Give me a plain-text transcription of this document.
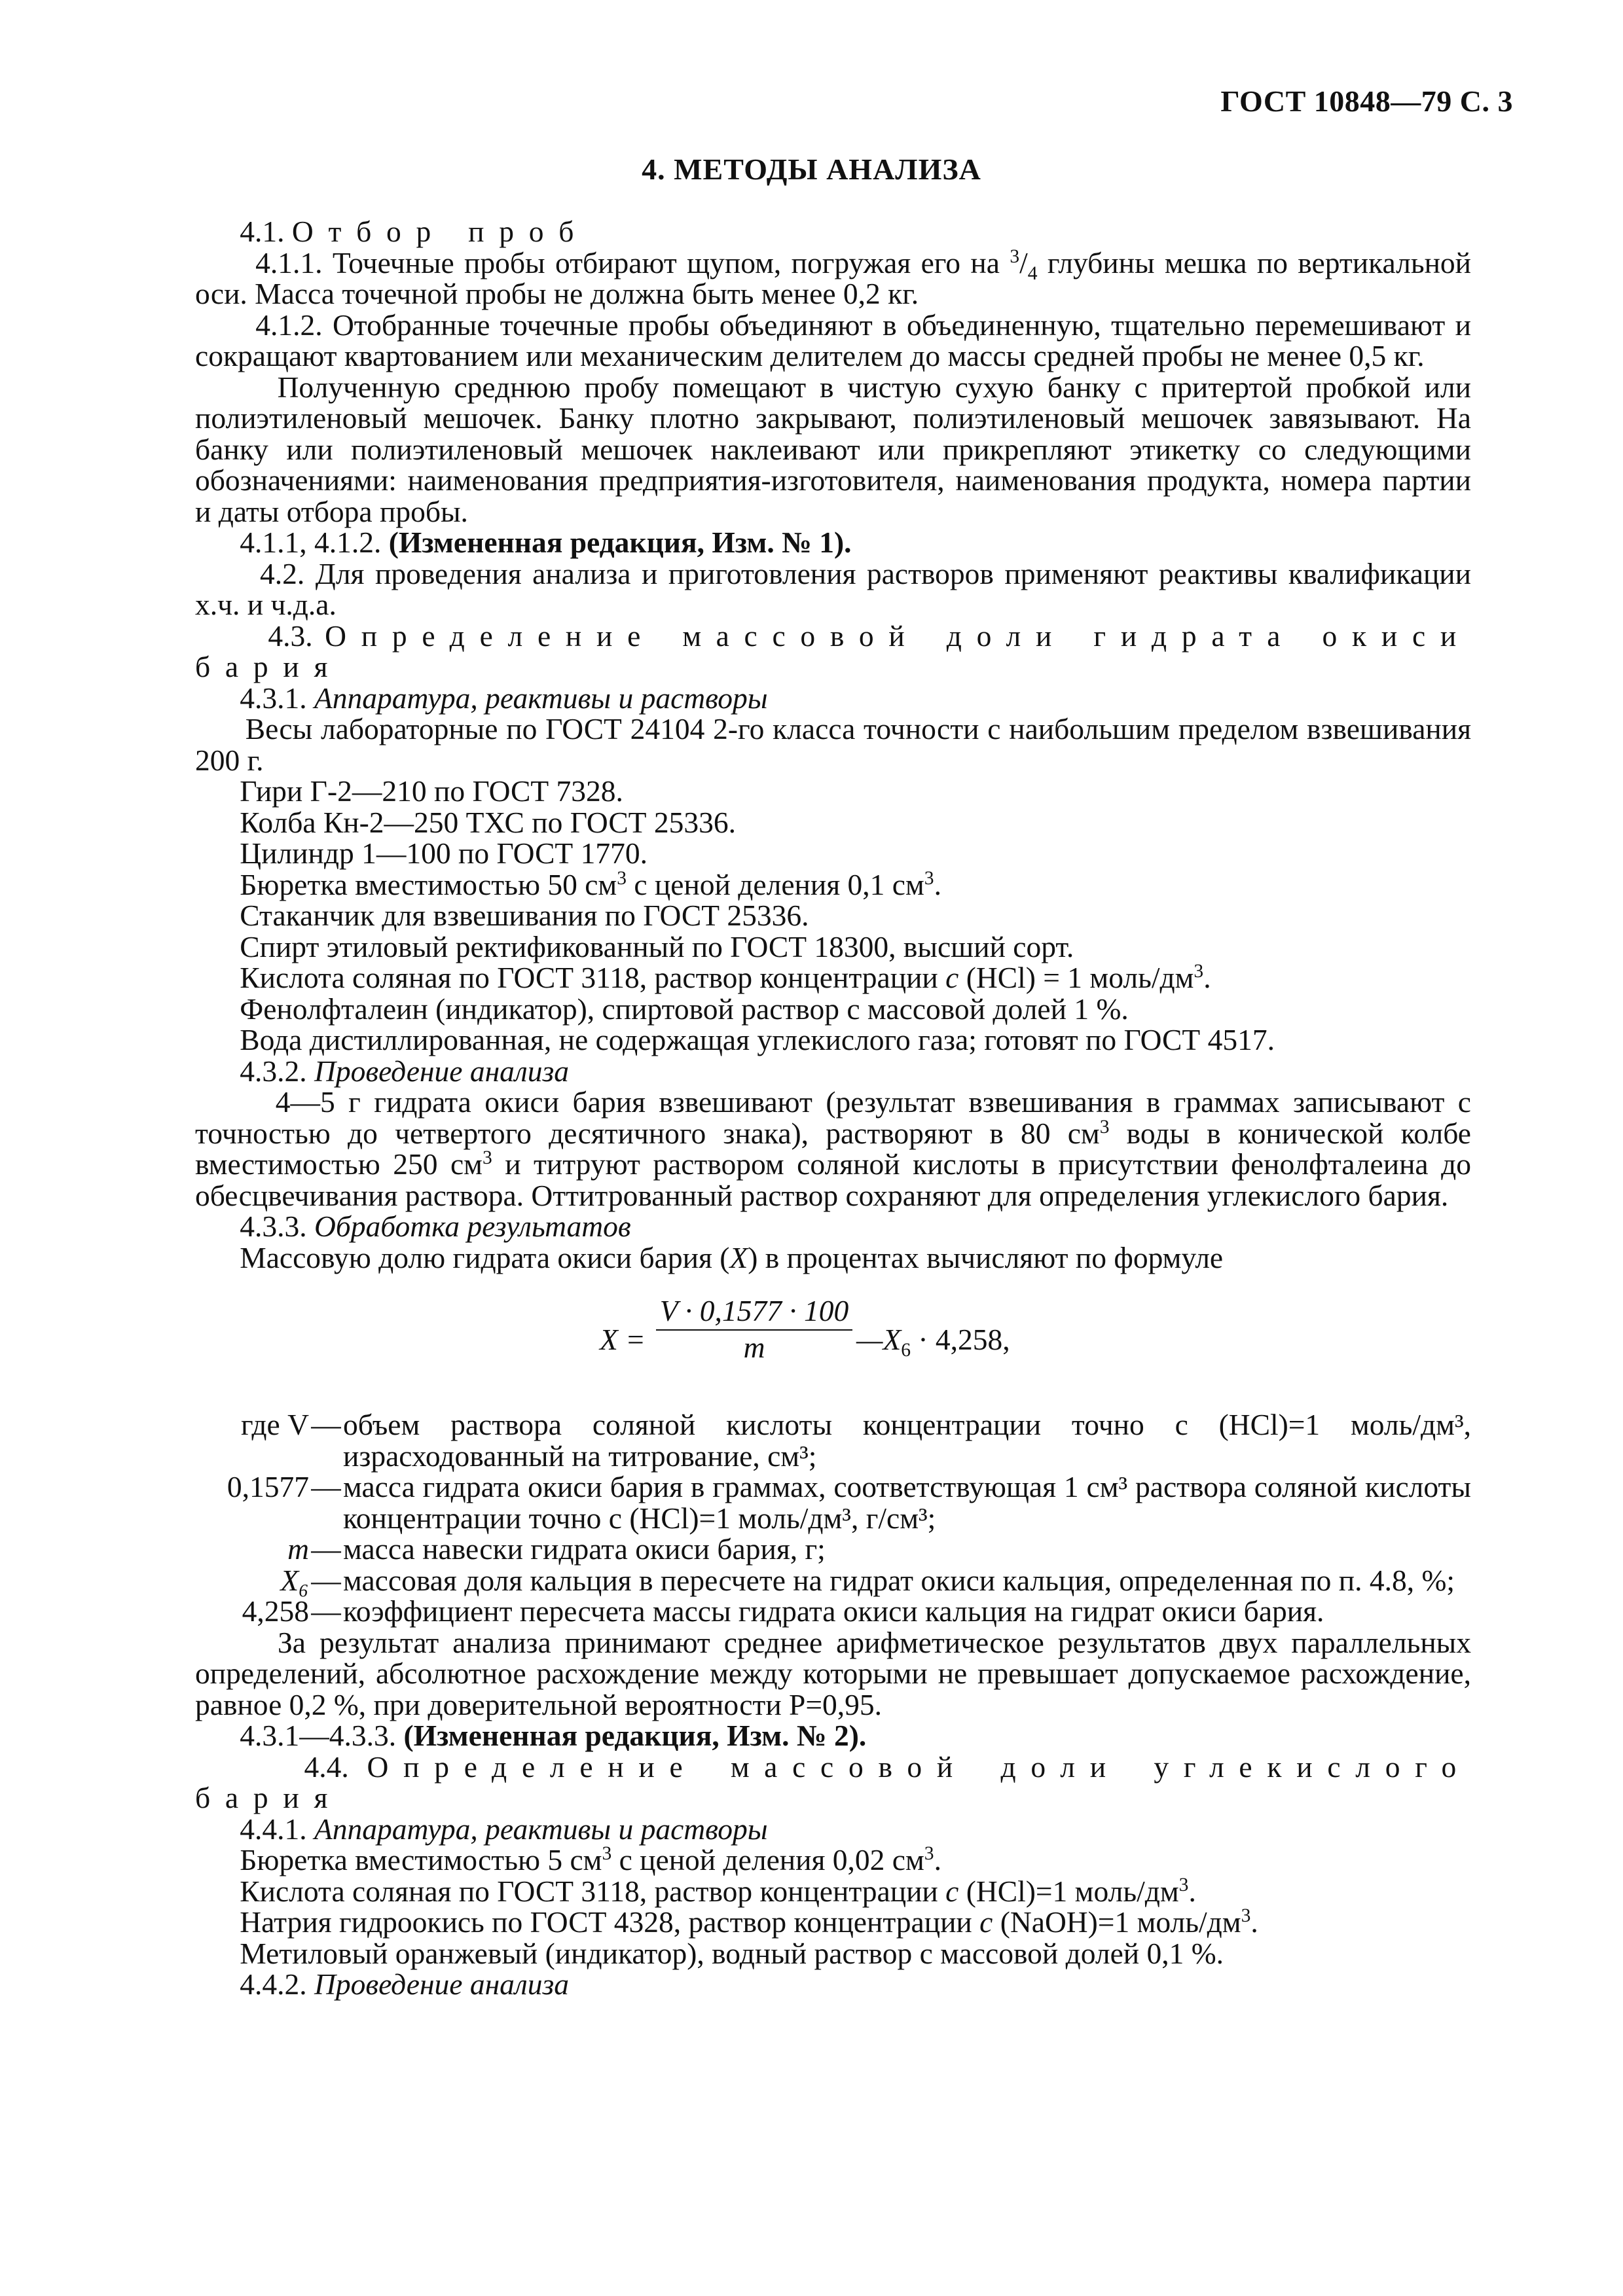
ГОСТ 10848—79 С. 3
4. МЕТОДЫ АНАЛИЗА

4.1. Отбор проб

4.1.1. Точечные пробы отбирают щупом, погружая его на $^3/_4$ глубины мешка по вертикальной оси. Масса точечной пробы не должна быть менее 0,2 кг.

4.1.2. Отобранные точечные пробы объединяют в объединенную, тщательно перемешивают и сокращают квартованием или механическим делителем до массы средней пробы не менее 0,5 кг.

Полученную среднюю пробу помещают в чистую сухую банку с притертой пробкой или полиэтиленовый мешочек. Банку плотно закрывают, полиэтиленовый мешочек завязывают. На банку или полиэтиленовый мешочек наклеивают или прикрепляют этикетку со следующими обозначениями: наименования предприятия-изготовителя, наименования продукта, номера партии и даты отбора пробы.

4.1.1, 4.1.2. (Измененная редакция, Изм. № 1).

4.2. Для проведения анализа и приготовления растворов применяют реактивы квалификации х.ч. и ч.д.а.

4.3. Определение массовой доли гидрата окиси бария

4.3.1. Аппаратура, реактивы и растворы

Весы лабораторные по ГОСТ 24104 2-го класса точности с наибольшим пределом взвешивания 200 г.

Гири Г-2—210 по ГОСТ 7328.

Колба Кн-2—250 ТХС по ГОСТ 25336.

Цилиндр 1—100 по ГОСТ 1770.

Бюретка вместимостью 50 $см^3$ с ценой деления 0,1 $см^3$.

Стаканчик для взвешивания по ГОСТ 25336.

Спирт этиловый ректификованный по ГОСТ 18300, высший сорт.

Кислота соляная по ГОСТ 3118, раствор концентрации c (HCl) = 1 моль/$дм^3$.

Фенолфталеин (индикатор), спиртовой раствор с массовой долей 1 %.

Вода дистиллированная, не содержащая углекислого газа; готовят по ГОСТ 4517.

4.3.2. Проведение анализа

4—5 г гидрата окиси бария взвешивают (результат взвешивания в граммах записывают с точностью до четвертого десятичного знака), растворяют в 80 $см^3$ воды в конической колбе вместимостью 250 $см^3$ и титруют раствором соляной кислоты в присутствии фенолфталеина до обесцвечивания раствора. Оттитрованный раствор сохраняют для определения углекислого бария.

4.3.3. Обработка результатов

Массовую долю гидрата окиси бария (X) в процентах вычисляют по формуле

$X = \frac{V \cdot 0,1577 \cdot 100}{m}$ $—X_6 \cdot 4,258$,
где V — объем раствора соляной кислоты концентрации точно c (HCl)=1 моль/дм³, израсходованный на титрование, см³;
0,1577 — масса гидрата окиси бария в граммах, соответствующая 1 см³ раствора соляной кислоты концентрации точно c (HCl)=1 моль/дм³, г/см³;
m — масса навески гидрата окиси бария, г;
X₆ — массовая доля кальция в пересчете на гидрат окиси кальция, определенная по п. 4.8, %;
4,258 — коэффициент пересчета массы гидрата окиси кальция на гидрат окиси бария.

За результат анализа принимают среднее арифметическое результатов двух параллельных определений, абсолютное расхождение между которыми не превышает допускаемое расхождение, равное 0,2 %, при доверительной вероятности P=0,95.

4.3.1—4.3.3. (Измененная редакция, Изм. № 2).

4.4. Определение массовой доли углекислого бария

4.4.1. Аппаратура, реактивы и растворы

Бюретка вместимостью 5 $см^3$ с ценой деления 0,02 $см^3$.

Кислота соляная по ГОСТ 3118, раствор концентрации c (HCl)=1 моль/$дм^3$.

Натрия гидроокись по ГОСТ 4328, раствор концентрации c (NaOH)=1 моль/$дм^3$.

Метиловый оранжевый (индикатор), водный раствор с массовой долей 0,1 %.

4.4.2. Проведение анализа
